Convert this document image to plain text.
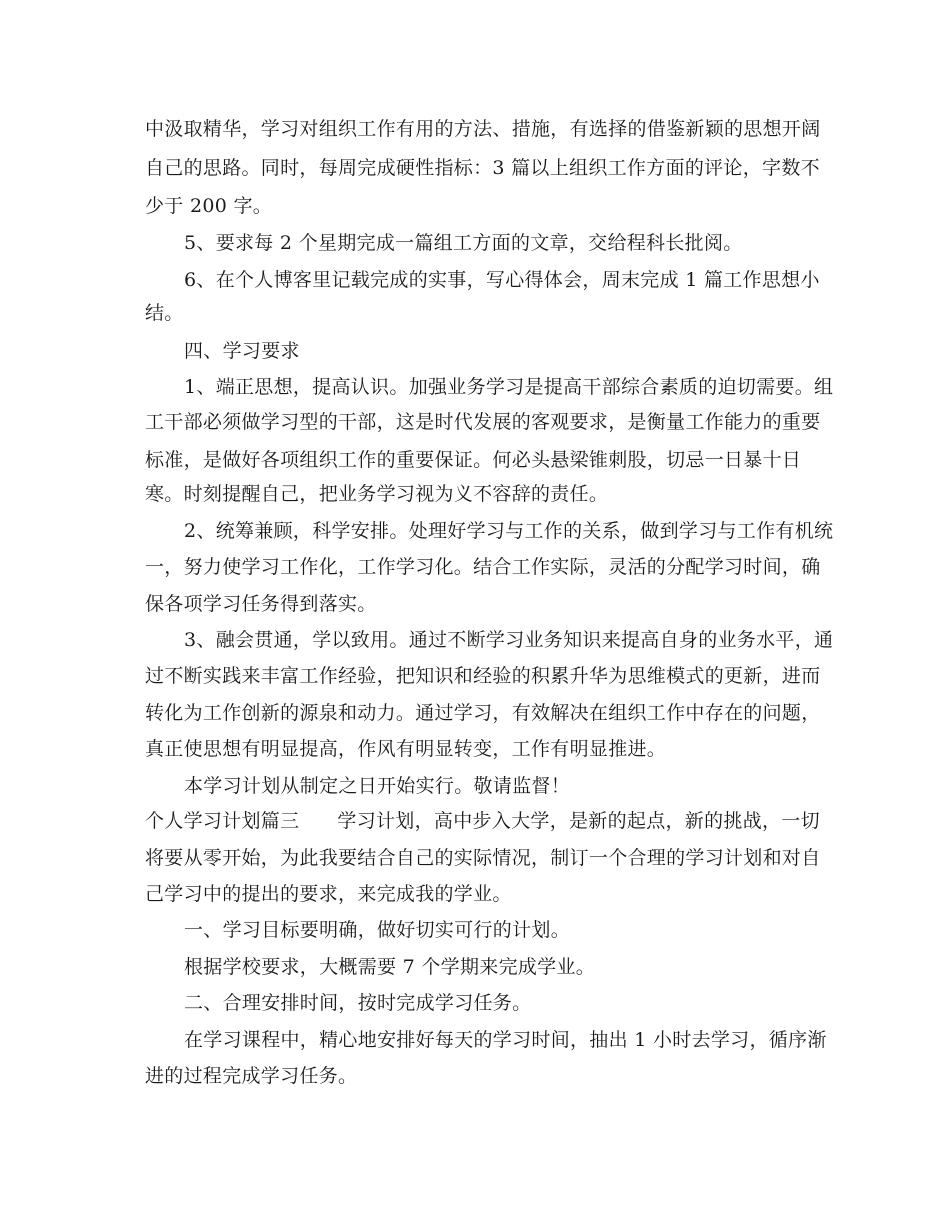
中汲取精华，学习对组织工作有用的方法、措施，有选择的借鉴新颖的思想开阔
自己的思路。同时，每周完成硬性指标：3 篇以上组织工作方面的评论，字数不
少于 200 字。
5、要求每 2 个星期完成一篇组工方面的文章，交给程科长批阅。
6、在个人博客里记载完成的实事，写心得体会，周末完成 1 篇工作思想小
结。
四、学习要求
1、端正思想，提高认识。加强业务学习是提高干部综合素质的迫切需要。组
工干部必须做学习型的干部，这是时代发展的客观要求，是衡量工作能力的重要
标准，是做好各项组织工作的重要保证。何必头悬梁锥刺股，切忌一日暴十日
寒。时刻提醒自己，把业务学习视为义不容辞的责任。
2、统筹兼顾，科学安排。处理好学习与工作的关系，做到学习与工作有机统
一，努力使学习工作化，工作学习化。结合工作实际，灵活的分配学习时间，确
保各项学习任务得到落实。
3、融会贯通，学以致用。通过不断学习业务知识来提高自身的业务水平，通
过不断实践来丰富工作经验，把知识和经验的积累升华为思维模式的更新，进而
转化为工作创新的源泉和动力。通过学习，有效解决在组织工作中存在的问题，
真正使思想有明显提高，作风有明显转变，工作有明显推进。
本学习计划从制定之日开始实行。敬请监督！
个人学习计划篇三 学习计划，高中步入大学，是新的起点，新的挑战，一切
将要从零开始，为此我要结合自己的实际情况，制订一个合理的学习计划和对自
己学习中的提出的要求，来完成我的学业。
一、学习目标要明确，做好切实可行的计划。
根据学校要求，大概需要 7 个学期来完成学业。
二、合理安排时间，按时完成学习任务。
在学习课程中，精心地安排好每天的学习时间，抽出 1 小时去学习，循序渐
进的过程完成学习任务。
